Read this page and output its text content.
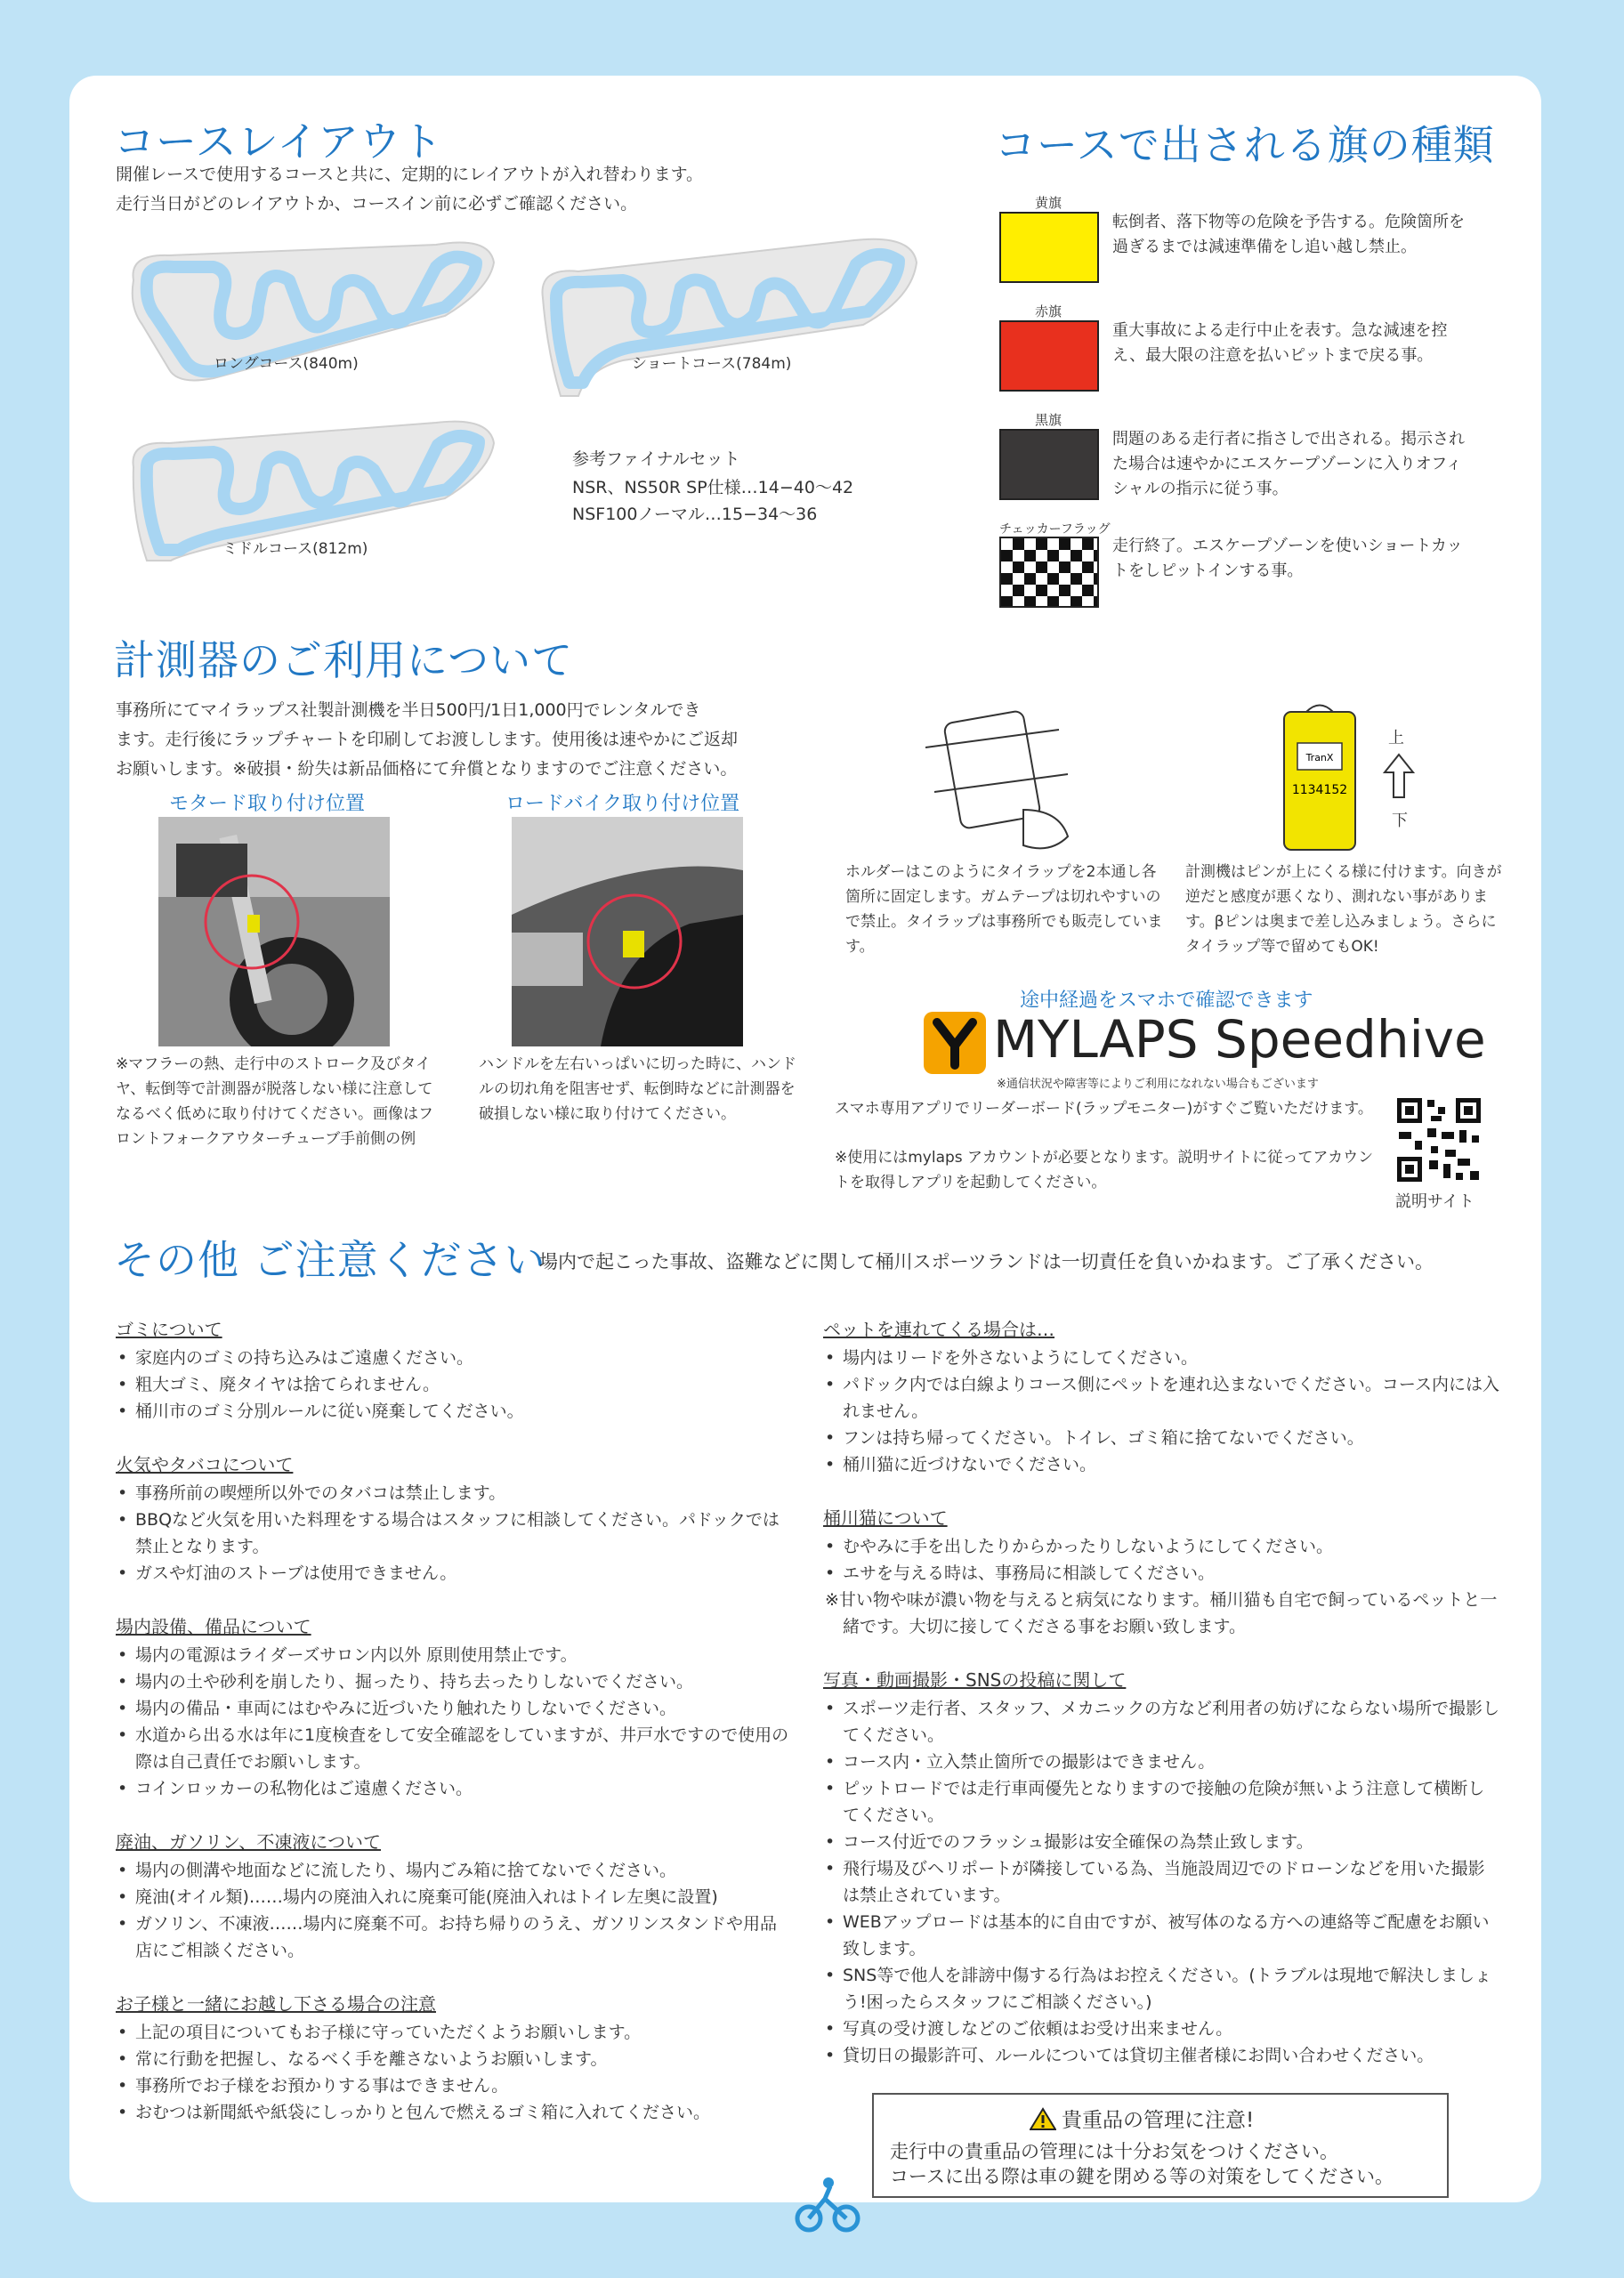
コースレイアウト
開催レースで使用するコースと共に、定期的にレイアウトが入れ替わります。
走行当日がどのレイアウトか、コースイン前に必ずご確認ください。
ロングコース(840m)	ショートコース(784m)
ミドルコース(812m)
参考ファイナルセット
NSR、NS50R SP仕様…14−40〜42
NSF100ノーマル…15−34〜36
コースで出される旗の種類
黄旗
転倒者、落下物等の危険を予告する。危険箇所を過ぎるまでは減速準備をし追い越し禁止。
赤旗
重大事故による走行中止を表す。急な減速を控え、最大限の注意を払いピットまで戻る事。
黒旗
問題のある走行者に指さしで出される。掲示された場合は速やかにエスケープゾーンに入りオフィシャルの指示に従う事。
チェッカーフラッグ
走行終了。エスケープゾーンを使いショートカットをしピットインする事。
計測器のご利用について
事務所にてマイラップス社製計測機を半日500円/1日1,000円でレンタルでき
ます。走行後にラップチャートを印刷してお渡しします。使用後は速やかにご返却
お願いします。※破損・紛失は新品価格にて弁償となりますのでご注意ください。
モタード取り付け位置	ロードバイク取り付け位置
※マフラーの熱、走行中のストローク及びタイヤ、転倒等で計測器が脱落しない様に注意してなるべく低めに取り付けてください。画像はフロントフォークアウターチューブ手前側の例
ハンドルを左右いっぱいに切った時に、ハンドルの切れ角を阻害せず、転倒時などに計測器を破損しない様に取り付けてください。
TranX
1134152
上
下
ホルダーはこのようにタイラップを2本通し各箇所に固定します。ガムテープは切れやすいので禁止。タイラップは事務所でも販売しています。
計測機はピンが上にくる様に付けます。向きが逆だと感度が悪くなり、測れない事があります。βピンは奥まで差し込みましょう。さらにタイラップ等で留めてもOK!
途中経過をスマホで確認できます
MYLAPS Speedhive
※通信状況や障害等によりご利用になれない場合もございます
スマホ専用アプリでリーダーボード(ラップモニター)がすぐご覧いただけます。
※使用にはmylaps アカウントが必要となります。説明サイトに従ってアカウントを取得しアプリを起動してください。
説明サイト
その他 ご注意ください
場内で起こった事故、盗難などに関して桶川スポーツランドは一切責任を負いかねます。ご了承ください。
ゴミについて
• 家庭内のゴミの持ち込みはご遠慮ください。
• 粗大ゴミ、廃タイヤは捨てられません。
• 桶川市のゴミ分別ルールに従い廃棄してください。
火気やタバコについて
• 事務所前の喫煙所以外でのタバコは禁止します。
• BBQなど火気を用いた料理をする場合はスタッフに相談してください。パドックでは禁止となります。
• ガスや灯油のストーブは使用できません。
場内設備、備品について
• 場内の電源はライダーズサロン内以外 原則使用禁止です。
• 場内の土や砂利を崩したり、掘ったり、持ち去ったりしないでください。
• 場内の備品・車両にはむやみに近づいたり触れたりしないでください。
• 水道から出る水は年に1度検査をして安全確認をしていますが、井戸水ですので使用の際は自己責任でお願いします。
• コインロッカーの私物化はご遠慮ください。
廃油、ガソリン、不凍液について
• 場内の側溝や地面などに流したり、場内ごみ箱に捨てないでください。
• 廃油(オイル類)……場内の廃油入れに廃棄可能(廃油入れはトイレ左奥に設置)
• ガソリン、不凍液……場内に廃棄不可。お持ち帰りのうえ、ガソリンスタンドや用品店にご相談ください。
お子様と一緒にお越し下さる場合の注意
• 上記の項目についてもお子様に守っていただくようお願いします。
• 常に行動を把握し、なるべく手を離さないようお願いします。
• 事務所でお子様をお預かりする事はできません。
• おむつは新聞紙や紙袋にしっかりと包んで燃えるゴミ箱に入れてください。
ペットを連れてくる場合は…
• 場内はリードを外さないようにしてください。
• パドック内では白線よりコース側にペットを連れ込まないでください。コース内には入れません。
• フンは持ち帰ってください。トイレ、ゴミ箱に捨てないでください。
• 桶川猫に近づけないでください。
桶川猫について
• むやみに手を出したりからかったりしないようにしてください。
• エサを与える時は、事務局に相談してください。
※甘い物や味が濃い物を与えると病気になります。桶川猫も自宅で飼っているペットと一緒です。大切に接してくださる事をお願い致します。
写真・動画撮影・SNSの投稿に関して
• スポーツ走行者、スタッフ、メカニックの方など利用者の妨げにならない場所で撮影してください。
• コース内・立入禁止箇所での撮影はできません。
• ピットロードでは走行車両優先となりますので接触の危険が無いよう注意して横断してください。
• コース付近でのフラッシュ撮影は安全確保の為禁止致します。
• 飛行場及びヘリポートが隣接している為、当施設周辺でのドローンなどを用いた撮影は禁止されています。
• WEBアップロードは基本的に自由ですが、被写体のなる方への連絡等ご配慮をお願い致します。
• SNS等で他人を誹謗中傷する行為はお控えください。(トラブルは現地で解決しましょう!困ったらスタッフにご相談ください。)
• 写真の受け渡しなどのご依頼はお受け出来ません。
• 貸切日の撮影許可、ルールについては貸切主催者様にお問い合わせください。
貴重品の管理に注意!
走行中の貴重品の管理には十分お気をつけください。
コースに出る際は車の鍵を閉める等の対策をしてください。
